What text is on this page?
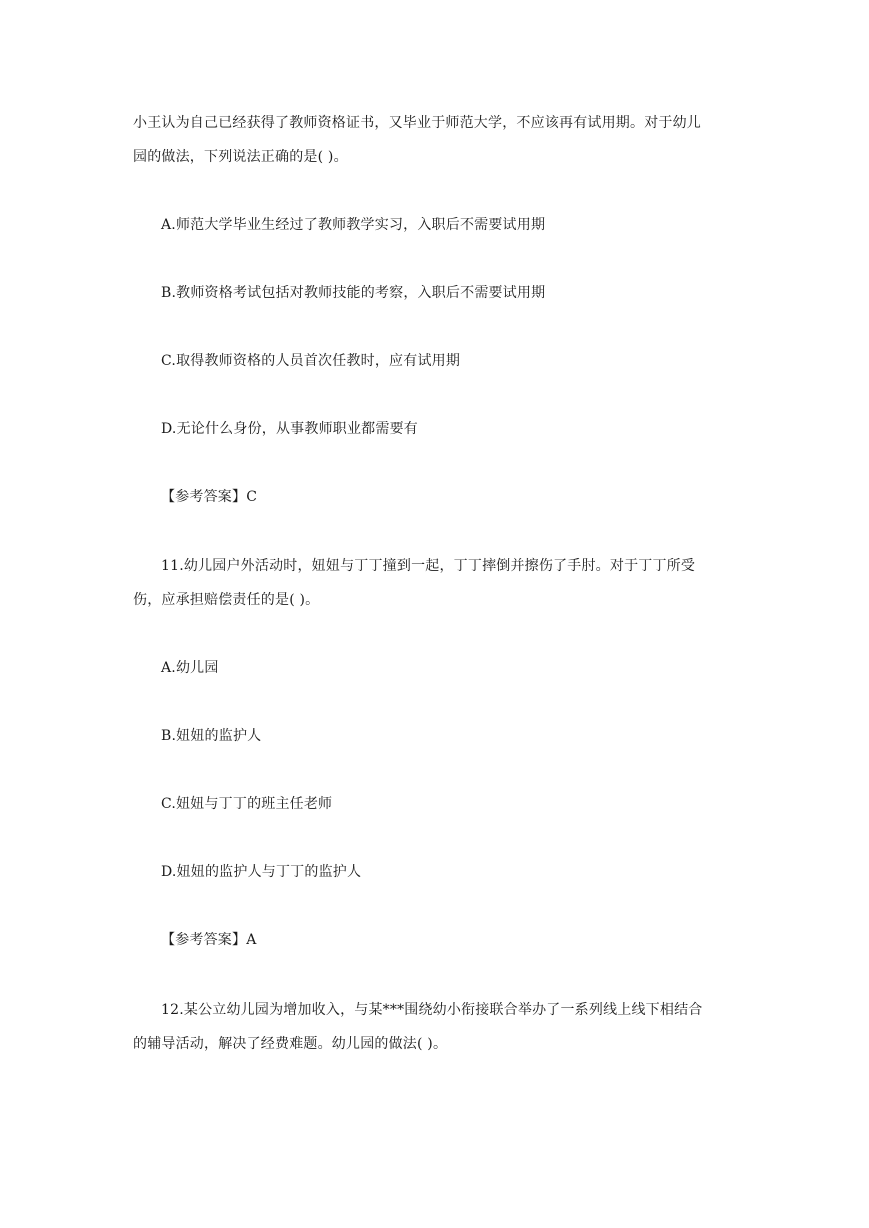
小王认为自己已经获得了教师资格证书，又毕业于师范大学，不应该再有试用期。对于幼儿
园的做法，下列说法正确的是( )。
A.师范大学毕业生经过了教师教学实习，入职后不需要试用期
B.教师资格考试包括对教师技能的考察，入职后不需要试用期
C.取得教师资格的人员首次任教时，应有试用期
D.无论什么身份，从事教师职业都需要有
【参考答案】C
11.幼儿园户外活动时，妞妞与丁丁撞到一起，丁丁摔倒并擦伤了手肘。对于丁丁所受
伤，应承担赔偿责任的是( )。
A.幼儿园
B.妞妞的监护人
C.妞妞与丁丁的班主任老师
D.妞妞的监护人与丁丁的监护人
【参考答案】A
12.某公立幼儿园为增加收入，与某***围绕幼小衔接联合举办了一系列线上线下相结合
的辅导活动，解决了经费难题。幼儿园的做法( )。
